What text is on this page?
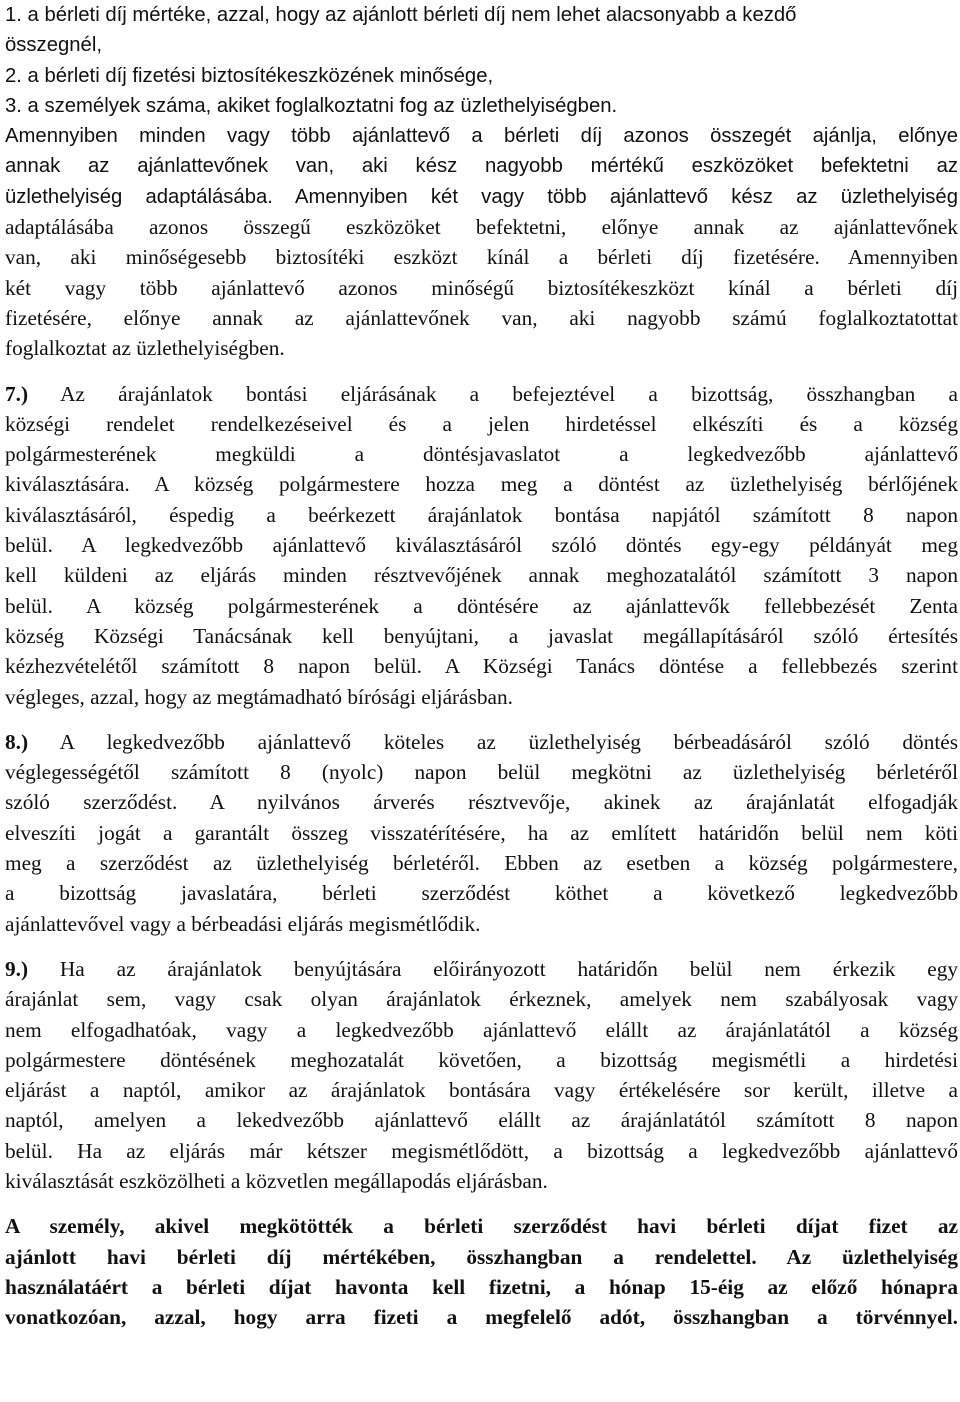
1. a bérleti díj mértéke, azzal, hogy az ajánlott bérleti díj nem lehet alacsonyabb a kezdő
összegnél,
2. a bérleti díj fizetési biztosítékeszközének minősége,
3. a személyek száma, akiket foglalkoztatni fog az üzlethelyiségben.
Amennyiben minden vagy több ajánlattevő a bérleti díj azonos összegét ajánlja, előnye
annak az ajánlattevőnek van, aki kész nagyobb mértékű eszközöket befektetni az
üzlethelyiség adaptálásába. Amennyiben két vagy több ajánlattevő kész az üzlethelyiség
adaptálásába azonos összegű eszközöket befektetni, előnye annak az ajánlattevőnek
van, aki minőségesebb biztosítéki eszközt kínál a bérleti díj fizetésére. Amennyiben
két vagy több ajánlattevő azonos minőségű biztosítékeszközt kínál a bérleti díj
fizetésére, előnye annak az ajánlattevőnek van, aki nagyobb számú foglalkoztatottat
foglalkoztat az üzlethelyiségben.
7.) Az árajánlatok bontási eljárásának a befejeztével a bizottság, összhangban a
községi rendelet rendelkezéseivel és a jelen hirdetéssel elkészíti és a község
polgármesterének megküldi a döntésjavaslatot a legkedvezőbb ajánlattevő
kiválasztására. A község polgármestere hozza meg a döntést az üzlethelyiség bérlőjének
kiválasztásáról, éspedig a beérkezett árajánlatok bontása napjától számított 8 napon
belül. A legkedvezőbb ajánlattevő kiválasztásáról szóló döntés egy-egy példányát meg
kell küldeni az eljárás minden résztvevőjének annak meghozatalától számított 3 napon
belül. A község polgármesterének a döntésére az ajánlattevők fellebbezését Zenta
község Községi Tanácsának kell benyújtani, a javaslat megállapításáról szóló értesítés
kézhezvételétől számított 8 napon belül. A Községi Tanács döntése a fellebbezés szerint
végleges, azzal, hogy az megtámadható bírósági eljárásban.
8.) A legkedvezőbb ajánlattevő köteles az üzlethelyiség bérbeadásáról szóló döntés
véglegességétől számított 8 (nyolc) napon belül megkötni az üzlethelyiség bérletéről
szóló szerződést. A nyilvános árverés résztvevője, akinek az árajánlatát elfogadják
elveszíti jogát a garantált összeg visszatérítésére, ha az említett határidőn belül nem köti
meg a szerződést az üzlethelyiség bérletéről. Ebben az esetben a község polgármestere,
a bizottság javaslatára, bérleti szerződést köthet a következő legkedvezőbb
ajánlattevővel vagy a bérbeadási eljárás megismétlődik.
9.) Ha az árajánlatok benyújtására előirányozott határidőn belül nem érkezik egy
árajánlat sem, vagy csak olyan árajánlatok érkeznek, amelyek nem szabályosak vagy
nem elfogadhatóak, vagy a legkedvezőbb ajánlattevő elállt az árajánlatától a község
polgármestere döntésének meghozatalát követően, a bizottság megismétli a hirdetési
eljárást a naptól, amikor az árajánlatok bontására vagy értékelésére sor került, illetve a
naptól, amelyen a lekedvezőbb ajánlattevő elállt az árajánlatától számított 8 napon
belül. Ha az eljárás már kétszer megismétlődött, a bizottság a legkedvezőbb ajánlattevő
kiválasztását eszközölheti a közvetlen megállapodás eljárásban.
A személy, akivel megkötötték a bérleti szerződést havi bérleti díjat fizet az
ajánlott havi bérleti díj mértékében, összhangban a rendelettel. Az üzlethelyiség
használatáért a bérleti díjat havonta kell fizetni, a hónap 15-éig az előző hónapra
vonatkozóan, azzal, hogy arra fizeti a megfelelő adót, összhangban a törvénnyel.
